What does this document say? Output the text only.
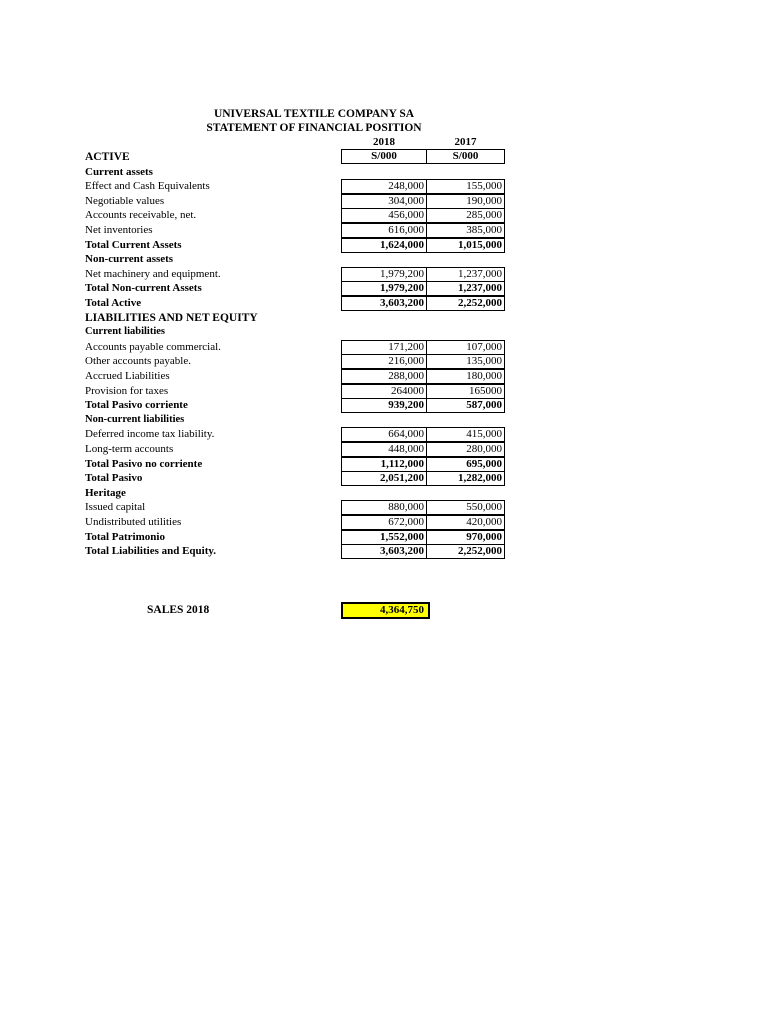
UNIVERSAL TEXTILE COMPANY SA
STATEMENT OF FINANCIAL POSITION
2018	2017
S/000	S/000
ACTIVE
Current assets
Effect and Cash Equivalents	248,000	155,000
Negotiable values	304,000	190,000
Accounts receivable, net.	456,000	285,000
Net inventories	616,000	385,000
Total Current Assets	1,624,000	1,015,000
Non-current assets
Net machinery and equipment.	1,979,200	1,237,000
Total Non-current Assets	1,979,200	1,237,000
Total Active	3,603,200	2,252,000
LIABILITIES AND NET EQUITY
Current liabilities
Accounts payable commercial.	171,200	107,000
Other accounts payable.	216,000	135,000
Accrued Liabilities	288,000	180,000
Provision for taxes	264000	165000
Total Pasivo corriente	939,200	587,000
Non-current liabilities
Deferred income tax liability.	664,000	415,000
Long-term accounts	448,000	280,000
Total Pasivo no corriente	1,112,000	695,000
Total Pasivo	2,051,200	1,282,000
Heritage
Issued capital	880,000	550,000
Undistributed utilities	672,000	420,000
Total Patrimonio	1,552,000	970,000
Total Liabilities and Equity.	3,603,200	2,252,000
SALES 2018	4,364,750
